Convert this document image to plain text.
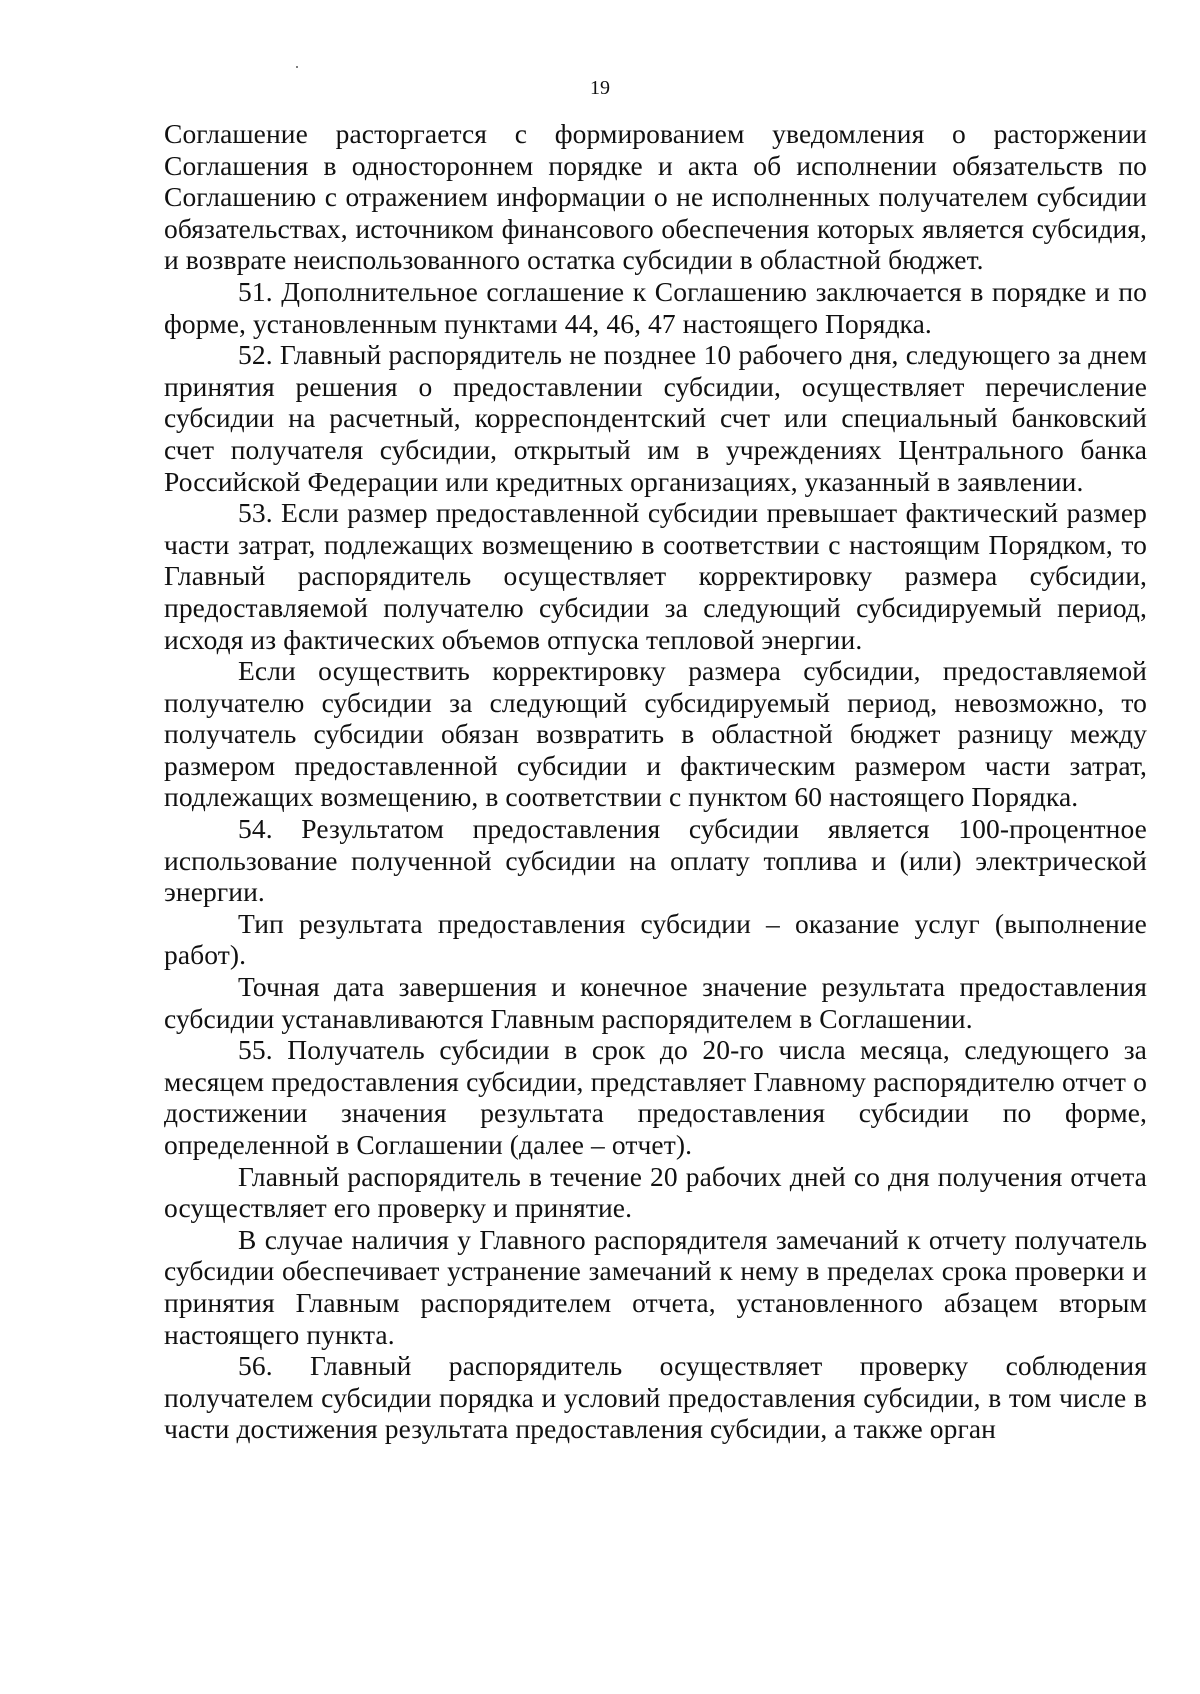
19

Соглашение расторгается с формированием уведомления о расторжении Соглашения в одностороннем порядке и акта об исполнении обязательств по Соглашению с отражением информации о не исполненных получателем субсидии обязательствах, источником финансового обеспечения которых является субсидия, и возврате неиспользованного остатка субсидии в областной бюджет.

51. Дополнительное соглашение к Соглашению заключается в порядке и по форме, установленным пунктами 44, 46, 47 настоящего Порядка.

52. Главный распорядитель не позднее 10 рабочего дня, следующего за днем принятия решения о предоставлении субсидии, осуществляет перечисление субсидии на расчетный, корреспондентский счет или специальный банковский счет получателя субсидии, открытый им в учреждениях Центрального банка Российской Федерации или кредитных организациях, указанный в заявлении.

53. Если размер предоставленной субсидии превышает фактический размер части затрат, подлежащих возмещению в соответствии с настоящим Порядком, то Главный распорядитель осуществляет корректировку размера субсидии, предоставляемой получателю субсидии за следующий субсидируемый период, исходя из фактических объемов отпуска тепловой энергии.

Если осуществить корректировку размера субсидии, предоставляемой получателю субсидии за следующий субсидируемый период, невозможно, то получатель субсидии обязан возвратить в областной бюджет разницу между размером предоставленной субсидии и фактическим размером части затрат, подлежащих возмещению, в соответствии с пунктом 60 настоящего Порядка.

54. Результатом предоставления субсидии является 100-процентное использование полученной субсидии на оплату топлива и (или) электрической энергии.

Тип результата предоставления субсидии – оказание услуг (выполнение работ).

Точная дата завершения и конечное значение результата предоставления субсидии устанавливаются Главным распорядителем в Соглашении.

55. Получатель субсидии в срок до 20-го числа месяца, следующего за месяцем предоставления субсидии, представляет Главному распорядителю отчет о достижении значения результата предоставления субсидии по форме, определенной в Соглашении (далее – отчет).

Главный распорядитель в течение 20 рабочих дней со дня получения отчета осуществляет его проверку и принятие.

В случае наличия у Главного распорядителя замечаний к отчету получатель субсидии обеспечивает устранение замечаний к нему в пределах срока проверки и принятия Главным распорядителем отчета, установленного абзацем вторым настоящего пункта.

56. Главный распорядитель осуществляет проверку соблюдения получателем субсидии порядка и условий предоставления субсидии, в том числе в части достижения результата предоставления субсидии, а также орган
